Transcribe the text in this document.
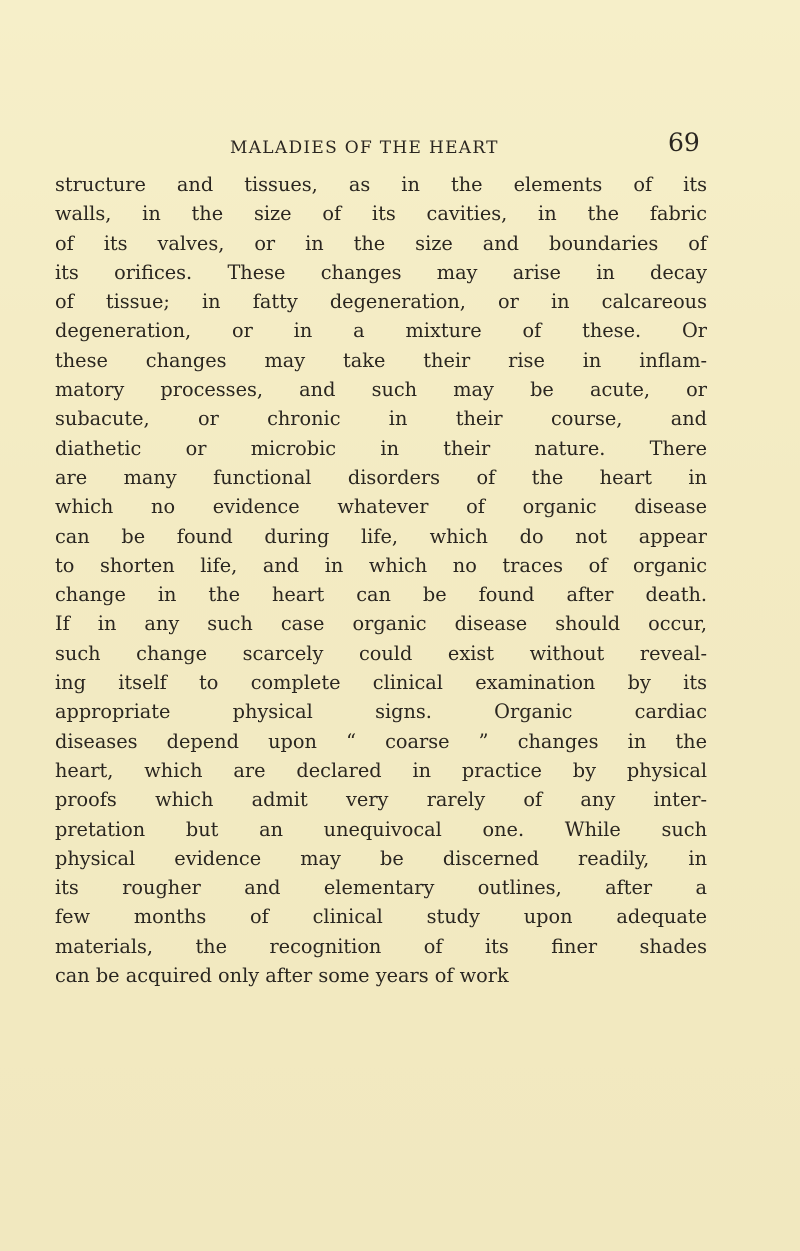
MALADIES OF THE HEART	69
structure and tissues, as in the elements of its
walls, in the size of its cavities, in the fabric
of its valves, or in the size and boundaries of
its orifices. These changes may arise in decay
of tissue; in fatty degeneration, or in calcareous
degeneration, or in a mixture of these. Or
these changes may take their rise in inflam-
matory processes, and such may be acute, or
subacute, or chronic in their course, and
diathetic or microbic in their nature. There
are many functional disorders of the heart in
which no evidence whatever of organic disease
can be found during life, which do not appear
to shorten life, and in which no traces of organic
change in the heart can be found after death.
If in any such case organic disease should occur,
such change scarcely could exist without reveal-
ing itself to complete clinical examination by its
appropriate physical signs. Organic cardiac
diseases depend upon “ coarse ” changes in the
heart, which are declared in practice by physical
proofs which admit very rarely of any inter-
pretation but an unequivocal one. While such
physical evidence may be discerned readily, in
its rougher and elementary outlines, after a
few months of clinical study upon adequate
materials, the recognition of its finer shades
can be acquired only after some years of work
